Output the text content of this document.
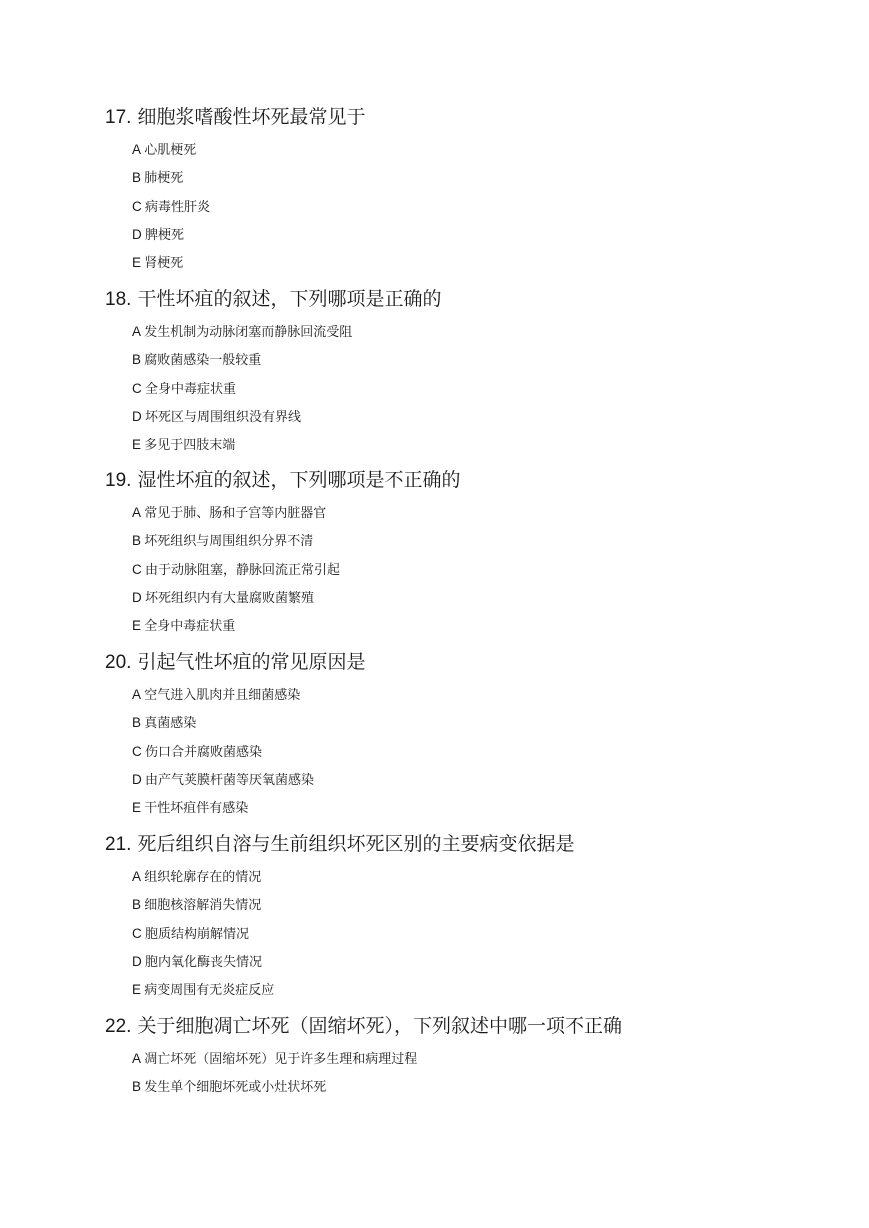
17. 细胞浆嗜酸性坏死最常见于
A 心肌梗死
B 肺梗死
C 病毒性肝炎
D 脾梗死
E 肾梗死
18. 干性坏疽的叙述，下列哪项是正确的
A 发生机制为动脉闭塞而静脉回流受阻
B 腐败菌感染一般较重
C 全身中毒症状重
D 坏死区与周围组织没有界线
E 多见于四肢末端
19. 湿性坏疽的叙述，下列哪项是不正确的
A 常见于肺、肠和子宫等内脏器官
B 坏死组织与周围组织分界不清
C 由于动脉阻塞，静脉回流正常引起
D 坏死组织内有大量腐败菌繁殖
E 全身中毒症状重
20. 引起气性坏疽的常见原因是
A 空气进入肌肉并且细菌感染
B 真菌感染
C 伤口合并腐败菌感染
D 由产气荚膜杆菌等厌氧菌感染
E 干性坏疽伴有感染
21. 死后组织自溶与生前组织坏死区别的主要病变依据是
A 组织轮廓存在的情况
B 细胞核溶解消失情况
C 胞质结构崩解情况
D 胞内氧化酶丧失情况
E 病变周围有无炎症反应
22. 关于细胞凋亡坏死（固缩坏死），下列叙述中哪一项不正确
A 凋亡坏死（固缩坏死）见于许多生理和病理过程
B 发生单个细胞坏死或小灶状坏死
